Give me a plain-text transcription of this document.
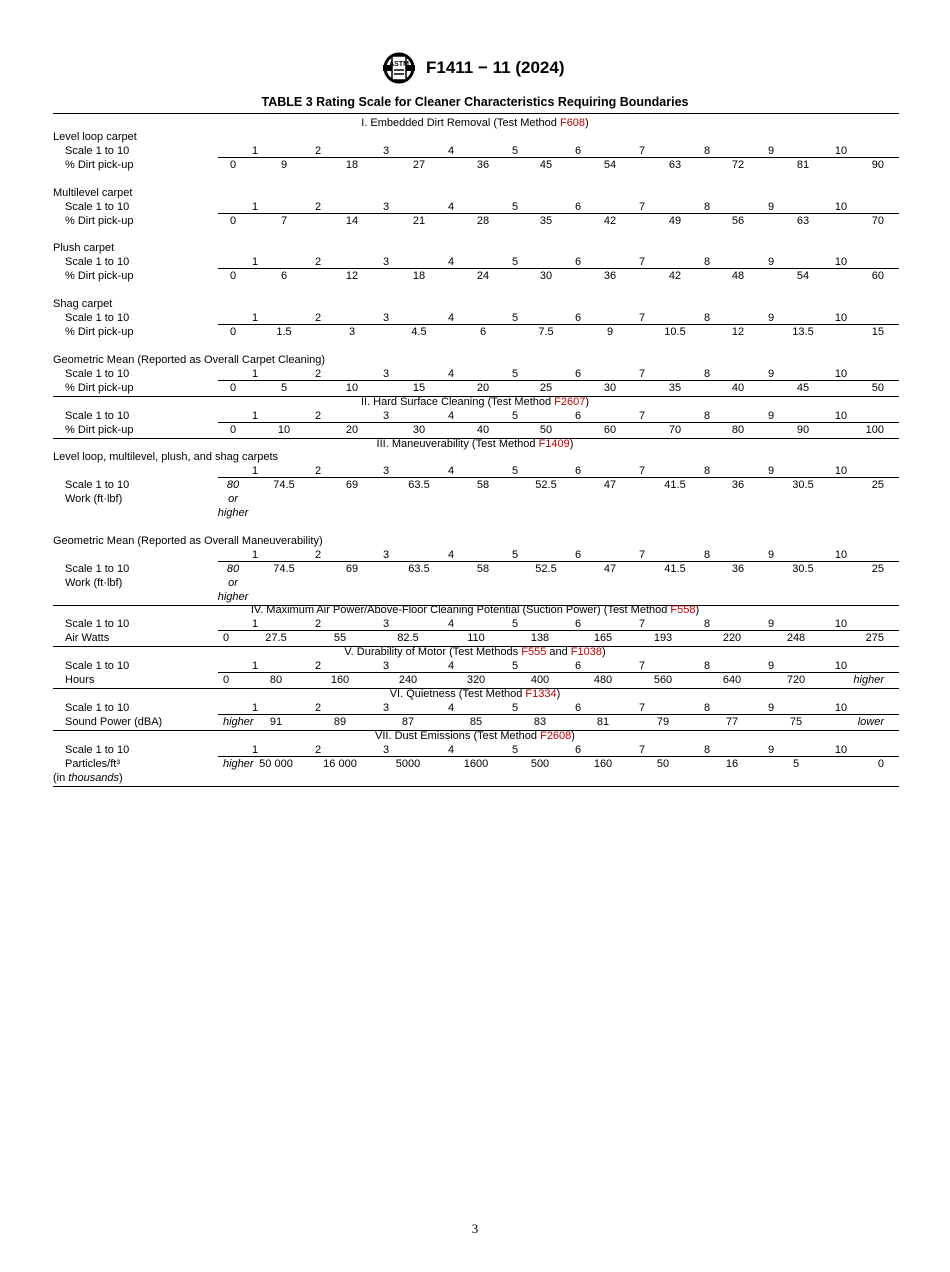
ASTM F1411 − 11 (2024)
TABLE 3 Rating Scale for Cleaner Characteristics Requiring Boundaries
I. Embedded Dirt Removal (Test Method F608)
Level loop carpet
Scale 1 to 10	1	2	3	4	5	6	7	8	9	10
% Dirt pick-up	0	9	18	27	36	45	54	63	72	81	90
Multilevel carpet
Scale 1 to 10	1	2	3	4	5	6	7	8	9	10
% Dirt pick-up	0	7	14	21	28	35	42	49	56	63	70
Plush carpet
Scale 1 to 10	1	2	3	4	5	6	7	8	9	10
% Dirt pick-up	0	6	12	18	24	30	36	42	48	54	60
Shag carpet
Scale 1 to 10	1	2	3	4	5	6	7	8	9	10
% Dirt pick-up	0	1.5	3	4.5	6	7.5	9	10.5	12	13.5	15
Geometric Mean (Reported as Overall Carpet Cleaning)
Scale 1 to 10	1	2	3	4	5	6	7	8	9	10
% Dirt pick-up	0	5	10	15	20	25	30	35	40	45	50
II. Hard Surface Cleaning (Test Method F2607)
Scale 1 to 10	1	2	3	4	5	6	7	8	9	10
% Dirt pick-up	0	10	20	30	40	50	60	70	80	90	100
III. Maneuverability (Test Method F1409)
Level loop, multilevel, plush, and shag carpets
1	2	3	4	5	6	7	8	9	10
Scale 1 to 10	80	74.5	69	63.5	58	52.5	47	41.5	36	30.5	25
Work (ft·lbf)	or
higher
Geometric Mean (Reported as Overall Maneuverability)
1	2	3	4	5	6	7	8	9	10
Scale 1 to 10	80	74.5	69	63.5	58	52.5	47	41.5	36	30.5	25
Work (ft·lbf)	or
higher
IV. Maximum Air Power/Above-Floor Cleaning Potential (Suction Power) (Test Method F558)
Scale 1 to 10	1	2	3	4	5	6	7	8	9	10
Air Watts	0	27.5	55	82.5	110	138	165	193	220	248	275
V. Durability of Motor (Test Methods F555 and F1038)
Scale 1 to 10	1	2	3	4	5	6	7	8	9	10
Hours	0	80	160	240	320	400	480	560	640	720	higher
VI. Quietness (Test Method F1334)
Scale 1 to 10	1	2	3	4	5	6	7	8	9	10
Sound Power (dBA)	higher 91	89	87	85	83	81	79	77	75	lower
VII. Dust Emissions (Test Method F2608)
Scale 1 to 10	1	2	3	4	5	6	7	8	9	10
Particles/ft³	higher 50 000	16 000	5000	1600	500	160	50	16	5	0
(in thousands)
3
